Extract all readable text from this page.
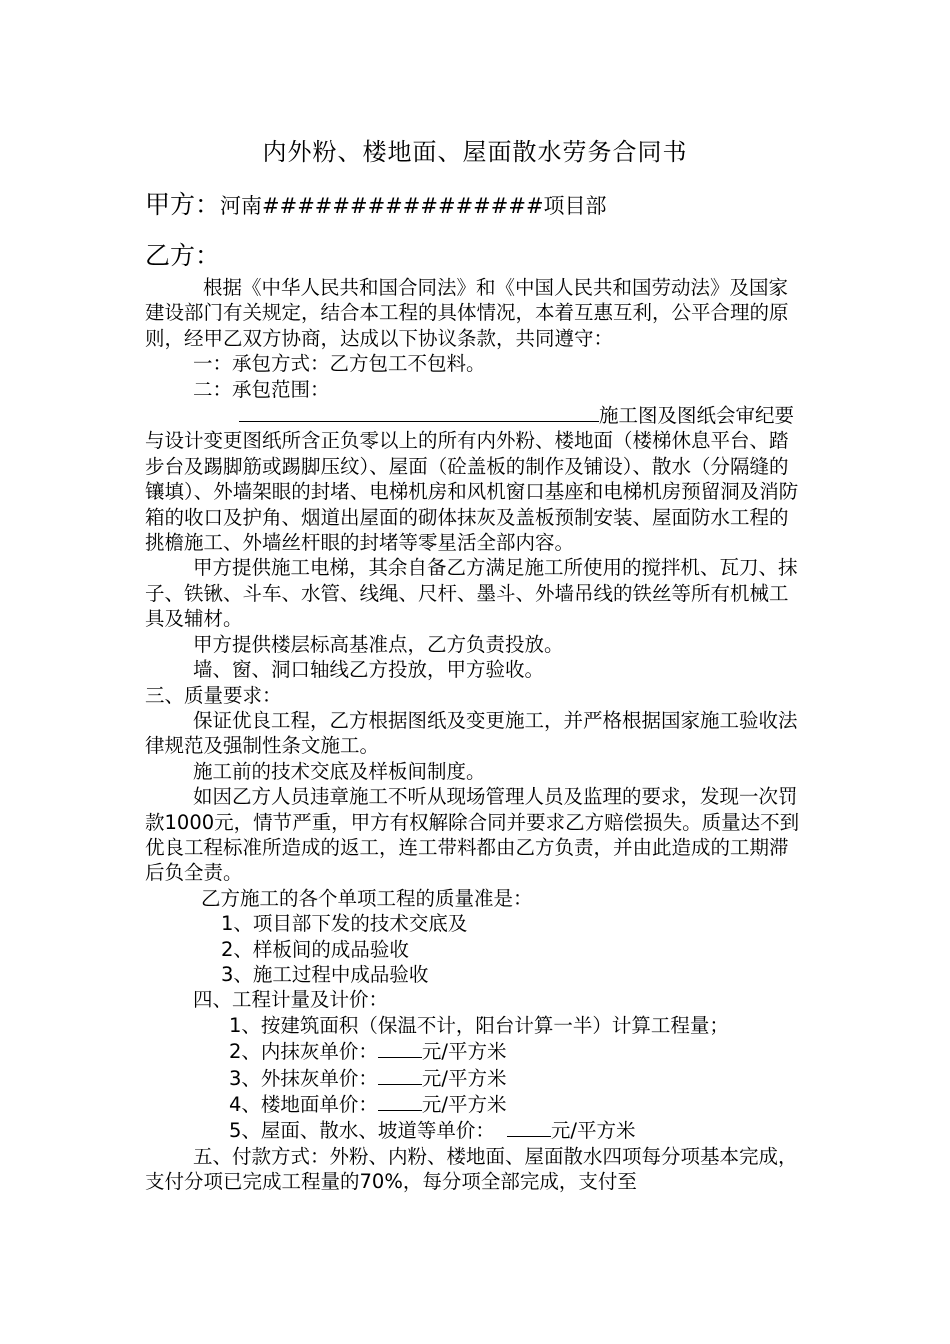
内外粉、楼地面、屋面散水劳务合同书
甲方：河南################项目部
乙方：

根据《中华人民共和国合同法》和《中国人民共和国劳动法》及国家建设部门有关规定，结合本工程的具体情况，本着互惠互利，公平合理的原则，经甲乙双方协商，达成以下协议条款，共同遵守：

一：承包方式：乙方包工不包料。

二：承包范围：

施工图及图纸会审纪要与设计变更图纸所含正负零以上的所有内外粉、楼地面（楼梯休息平台、踏步台及踢脚筋或踢脚压纹）、屋面（砼盖板的制作及铺设）、散水（分隔缝的镶填）、外墙架眼的封堵、电梯机房和风机窗口基座和电梯机房预留洞及消防箱的收口及护角、烟道出屋面的砌体抹灰及盖板预制安装、屋面防水工程的挑檐施工、外墙丝杆眼的封堵等零星活全部内容。

甲方提供施工电梯，其余自备乙方满足施工所使用的搅拌机、瓦刀、抹子、铁锹、斗车、水管、线绳、尺杆、墨斗、外墙吊线的铁丝等所有机械工具及辅材。

甲方提供楼层标高基准点，乙方负责投放。

墙、窗、洞口轴线乙方投放，甲方验收。

三、质量要求：

保证优良工程，乙方根据图纸及变更施工，并严格根据国家施工验收法律规范及强制性条文施工。

施工前的技术交底及样板间制度。

如因乙方人员违章施工不听从现场管理人员及监理的要求，发现一次罚款1000元，情节严重，甲方有权解除合同并要求乙方赔偿损失。质量达不到优良工程标准所造成的返工，连工带料都由乙方负责，并由此造成的工期滞后负全责。

乙方施工的各个单项工程的质量准是：

1、项目部下发的技术交底及

2、样板间的成品验收

3、施工过程中成品验收

四、工程计量及计价：

1、按建筑面积（保温不计，阳台计算一半）计算工程量；

2、内抹灰单价： 元/平方米

3、外抹灰单价： 元/平方米

4、楼地面单价： 元/平方米

5、屋面、散水、坡道等单价：	元/平方米

五、付款方式：外粉、内粉、楼地面、屋面散水四项每分项基本完成，支付分项已完成工程量的70%，每分项全部完成，支付至
